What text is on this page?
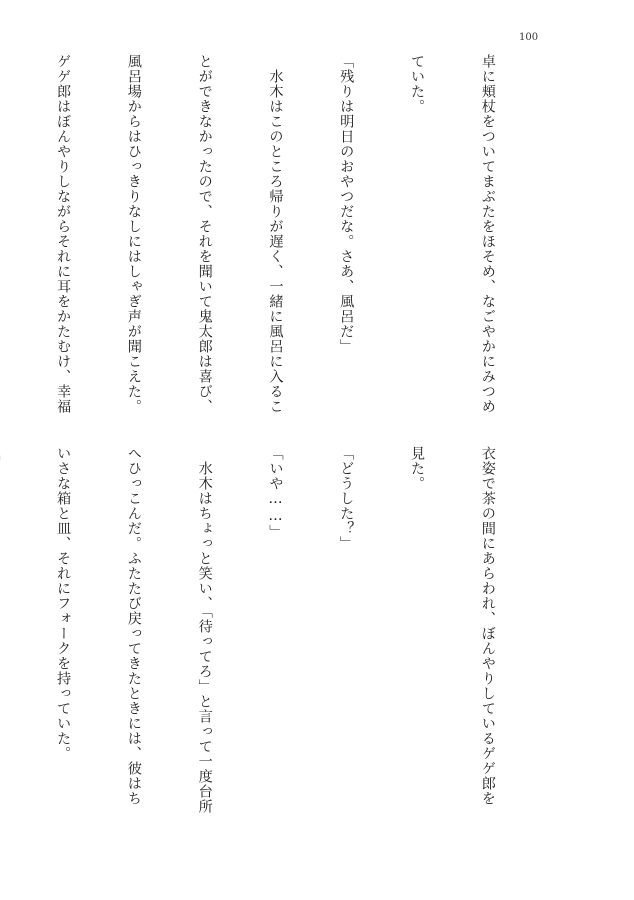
100

卓に頬杖をついてまぶたをほそめ、なごやかにみつめ

ていた。

「残りは明日のおやつだな。さあ、風呂だ」

　水木はこのところ帰りが遅く、一緒に風呂に入るこ

とができなかったので、それを聞いて鬼太郎は喜び、

風呂場からはひっきりなしにはしゃぎ声が聞こえた。

ゲゲ郎はぼんやりしながらそれに耳をかたむけ、幸福

衣姿で茶の間にあらわれ、ぼんやりしているゲゲ郎を

見た。

「どうした？」

「いや……」

　水木はちょっと笑い、「待ってろ」と言って一度台所

へひっこんだ。ふたたび戻ってきたときには、彼はち

いさな箱と皿、それにフォークを持っていた。
